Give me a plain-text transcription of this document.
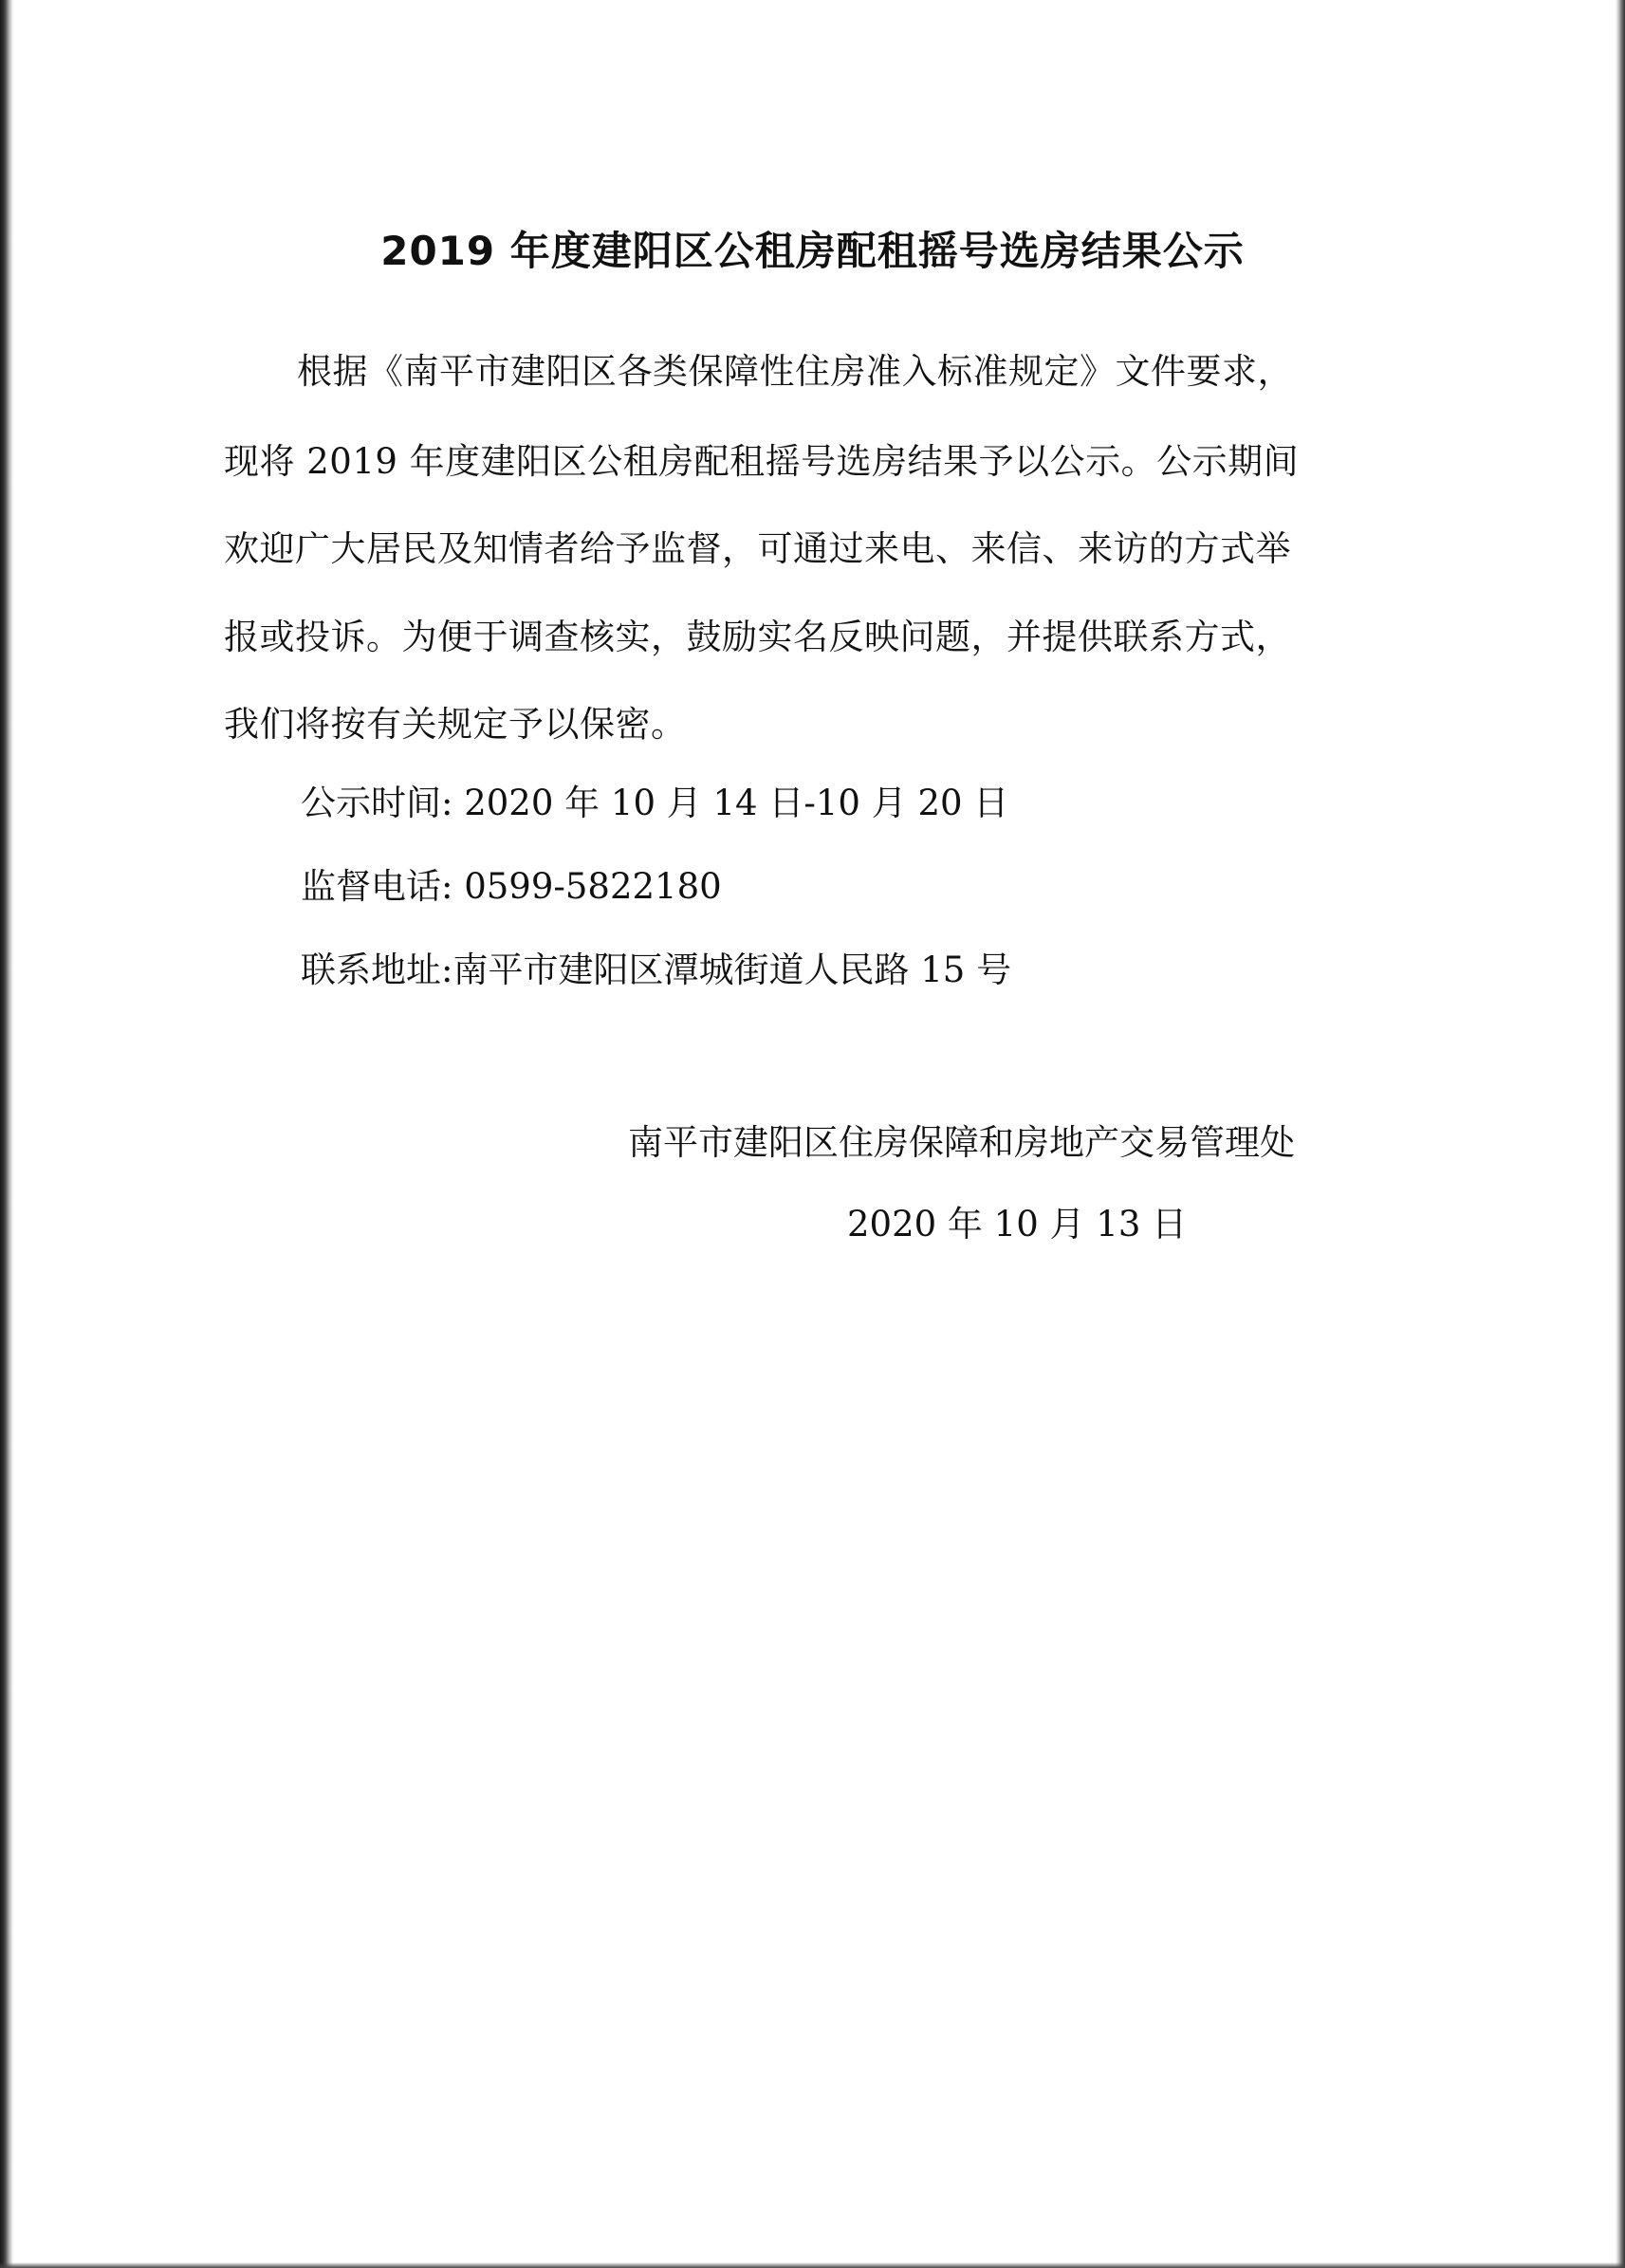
2019 年度建阳区公租房配租摇号选房结果公示
根据《南平市建阳区各类保障性住房准入标准规定》文件要求，
现将 2019 年度建阳区公租房配租摇号选房结果予以公示。公示期间
欢迎广大居民及知情者给予监督，可通过来电、来信、来访的方式举
报或投诉。为便于调查核实，鼓励实名反映问题，并提供联系方式，
我们将按有关规定予以保密。
公示时间: 2020 年 10 月 14 日-10 月 20 日
监督电话: 0599-5822180
联系地址:南平市建阳区潭城街道人民路 15 号
南平市建阳区住房保障和房地产交易管理处
2020 年 10 月 13 日
